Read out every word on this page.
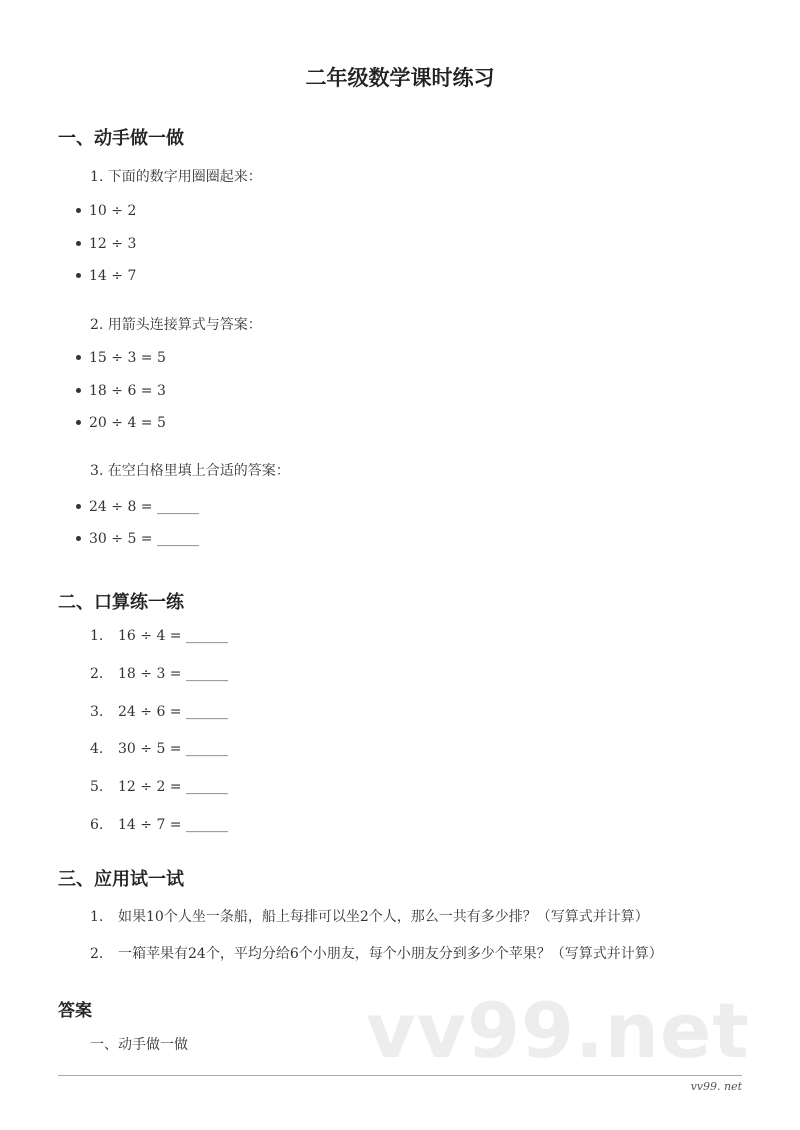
二年级数学课时练习
一、动手做一做
1. 下面的数字用圈圈起来：
10 ÷ 2
12 ÷ 3
14 ÷ 7
2. 用箭头连接算式与答案：
15 ÷ 3 = 5
18 ÷ 6 = 3
20 ÷ 4 = 5
3. 在空白格里填上合适的答案：
24 ÷ 8 = ______
30 ÷ 5 = ______
二、口算练一练
1. 16 ÷ 4 = ______
2. 18 ÷ 3 = ______
3. 24 ÷ 6 = ______
4. 30 ÷ 5 = ______
5. 12 ÷ 2 = ______
6. 14 ÷ 7 = ______
三、应用试一试
1. 如果10个人坐一条船，船上每排可以坐2个人，那么一共有多少排？（写算式并计算）
2. 一箱苹果有24个，平均分给6个小朋友，每个小朋友分到多少个苹果？（写算式并计算）
vv99.net
答案
一、动手做一做
vv99. net
